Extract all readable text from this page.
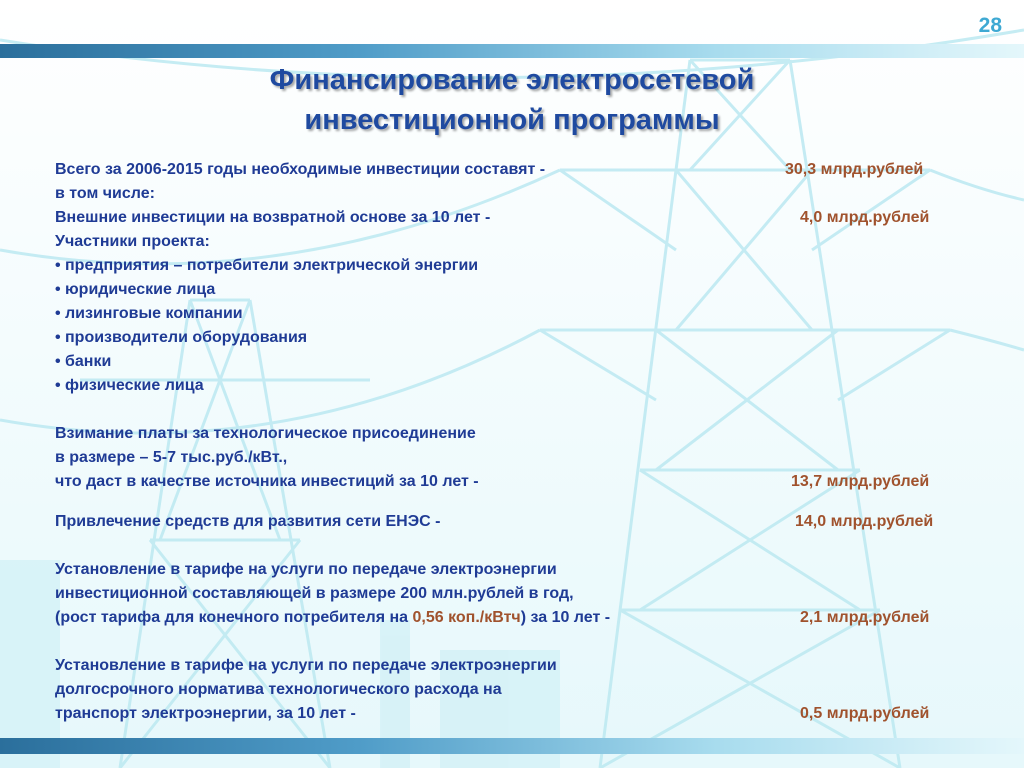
28
Финансирование электросетевой
инвестиционной программы
Всего за 2006-2015 годы необходимые инвестиции составят -	30,3 млрд.рублей
в том числе:
Внешние инвестиции на возвратной основе за 10 лет -	4,0 млрд.рублей
Участники проекта:
• предприятия – потребители электрической энергии
• юридические лица
• лизинговые компании
• производители оборудования
• банки
• физические лица
Взимание платы за технологическое присоединение
в размере – 5-7 тыс.руб./кВт.,
что даст в качестве источника инвестиций за 10 лет -	13,7 млрд.рублей
Привлечение средств для развития сети ЕНЭС -	14,0 млрд.рублей
Установление в тарифе на услуги по передаче электроэнергии
инвестиционной составляющей в размере 200 млн.рублей в год,
(рост тарифа для конечного потребителя на 0,56 коп./кВтч) за 10 лет -	2,1 млрд.рублей
Установление в тарифе на услуги по передаче электроэнергии
долгосрочного норматива технологического расхода на
транспорт электроэнергии, за 10 лет -	0,5 млрд.рублей
